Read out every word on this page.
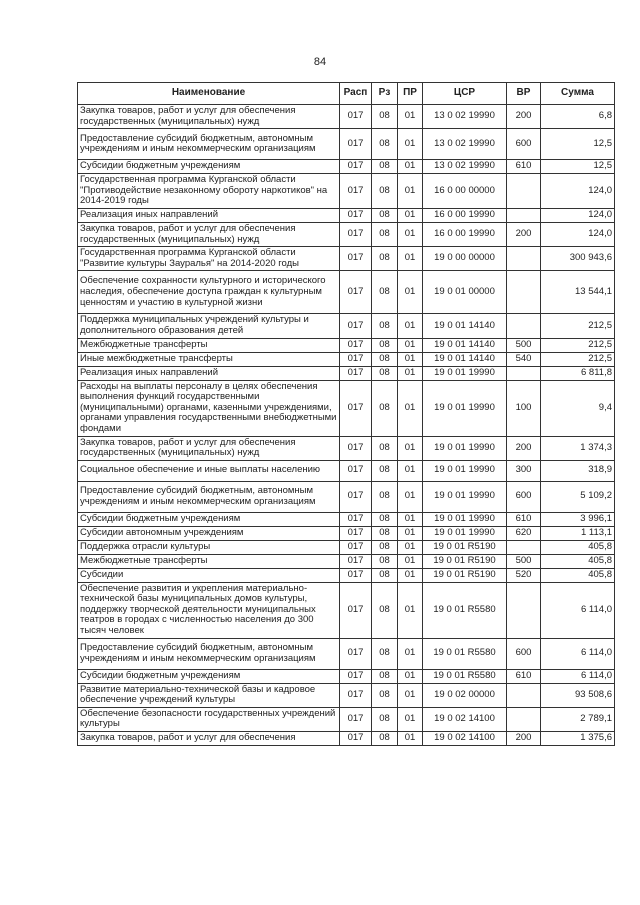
84
Наименование	Расп	Рз	ПР	ЦСР	ВР	Сумма
Закупка товаров, работ и услуг для обеспечения государственных (муниципальных) нужд	017	08	01	13 0 02 19990	200	6,8
Предоставление субсидий бюджетным, автономным учреждениям и иным некоммерческим организациям	017	08	01	13 0 02 19990	600	12,5
Субсидии бюджетным учреждениям	017	08	01	13 0 02 19990	610	12,5
Государственная программа Курганской области "Противодействие незаконному обороту наркотиков" на 2014-2019 годы	017	08	01	16 0 00 00000		124,0
Реализация иных направлений	017	08	01	16 0 00 19990		124,0
Закупка товаров, работ и услуг для обеспечения государственных (муниципальных) нужд	017	08	01	16 0 00 19990	200	124,0
Государственная программа Курганской области "Развитие культуры Зауралья" на 2014-2020 годы	017	08	01	19 0 00 00000		300 943,6
Обеспечение сохранности культурного и исторического наследия, обеспечение доступа граждан к культурным ценностям и участию в культурной жизни	017	08	01	19 0 01 00000		13 544,1
Поддержка муниципальных учреждений культуры и дополнительного образования детей	017	08	01	19 0 01 14140		212,5
Межбюджетные трансферты	017	08	01	19 0 01 14140	500	212,5
Иные межбюджетные трансферты	017	08	01	19 0 01 14140	540	212,5
Реализация иных направлений	017	08	01	19 0 01 19990		6 811,8
Расходы на выплаты персоналу в целях обеспечения выполнения функций государственными (муниципальными) органами, казенными учреждениями, органами управления государственными внебюджетными фондами	017	08	01	19 0 01 19990	100	9,4
Закупка товаров, работ и услуг для обеспечения государственных (муниципальных) нужд	017	08	01	19 0 01 19990	200	1 374,3
Социальное обеспечение и иные выплаты населению	017	08	01	19 0 01 19990	300	318,9
Предоставление субсидий бюджетным, автономным учреждениям и иным некоммерческим организациям	017	08	01	19 0 01 19990	600	5 109,2
Субсидии бюджетным учреждениям	017	08	01	19 0 01 19990	610	3 996,1
Субсидии автономным учреждениям	017	08	01	19 0 01 19990	620	1 113,1
Поддержка отрасли культуры	017	08	01	19 0 01 R5190		405,8
Межбюджетные трансферты	017	08	01	19 0 01 R5190	500	405,8
Субсидии	017	08	01	19 0 01 R5190	520	405,8
Обеспечение развития и укрепления материально-технической базы муниципальных домов культуры, поддержку творческой деятельности муниципальных театров в городах с численностью населения до 300 тысяч человек	017	08	01	19 0 01 R5580		6 114,0
Предоставление субсидий бюджетным, автономным учреждениям и иным некоммерческим организациям	017	08	01	19 0 01 R5580	600	6 114,0
Субсидии бюджетным учреждениям	017	08	01	19 0 01 R5580	610	6 114,0
Развитие материально-технической базы и кадровое обеспечение учреждений культуры	017	08	01	19 0 02 00000		93 508,6
Обеспечение безопасности государственных учреждений культуры	017	08	01	19 0 02 14100		2 789,1
Закупка товаров, работ и услуг для обеспечения	017	08	01	19 0 02 14100	200	1 375,6
